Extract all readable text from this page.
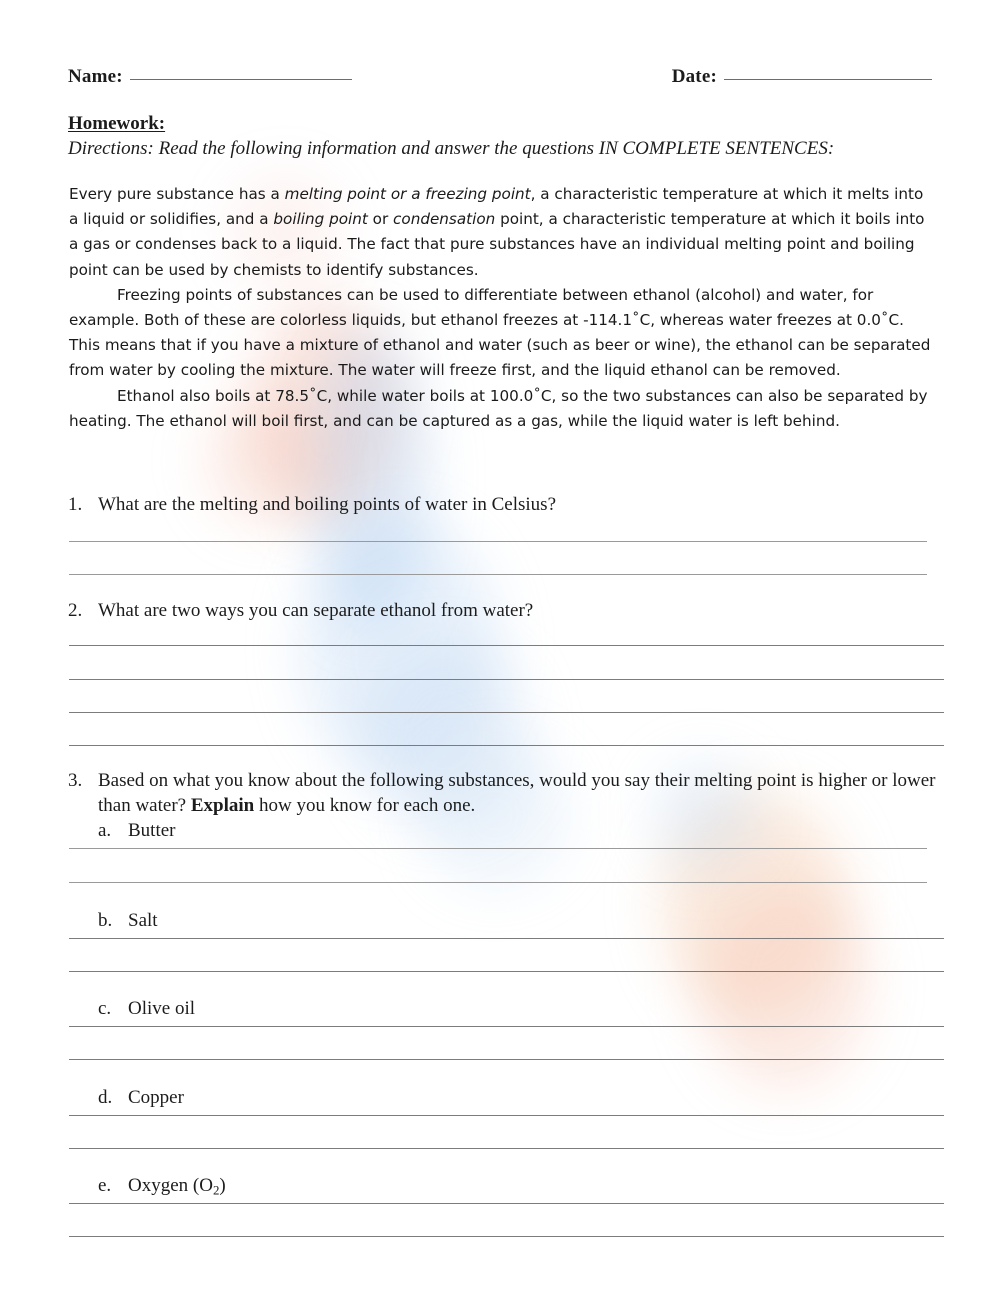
Name:	Date:
Homework:
Directions: Read the following information and answer the questions IN COMPLETE SENTENCES:

Every pure substance has a melting point or a freezing point, a characteristic temperature at which it melts into a liquid or solidifies, and a boiling point or condensation point, a characteristic temperature at which it boils into a gas or condenses back to a liquid. The fact that pure substances have an individual melting point and boiling point can be used by chemists to identify substances.

Freezing points of substances can be used to differentiate between ethanol (alcohol) and water, for example. Both of these are colorless liquids, but ethanol freezes at -114.1˚C, whereas water freezes at 0.0˚C. This means that if you have a mixture of ethanol and water (such as beer or wine), the ethanol can be separated from water by cooling the mixture. The water will freeze first, and the liquid ethanol can be removed.

Ethanol also boils at 78.5˚C, while water boils at 100.0˚C, so the two substances can also be separated by heating. The ethanol will boil first, and can be captured as a gas, while the liquid water is left behind.

1. What are the melting and boiling points of water in Celsius?
2. What are two ways you can separate ethanol from water?
3. Based on what you know about the following substances, would you say their melting point is higher or lower than water? Explain how you know for each one.
a. Butter
b. Salt
c. Olive oil
d. Copper
e. Oxygen $(O_2)$
